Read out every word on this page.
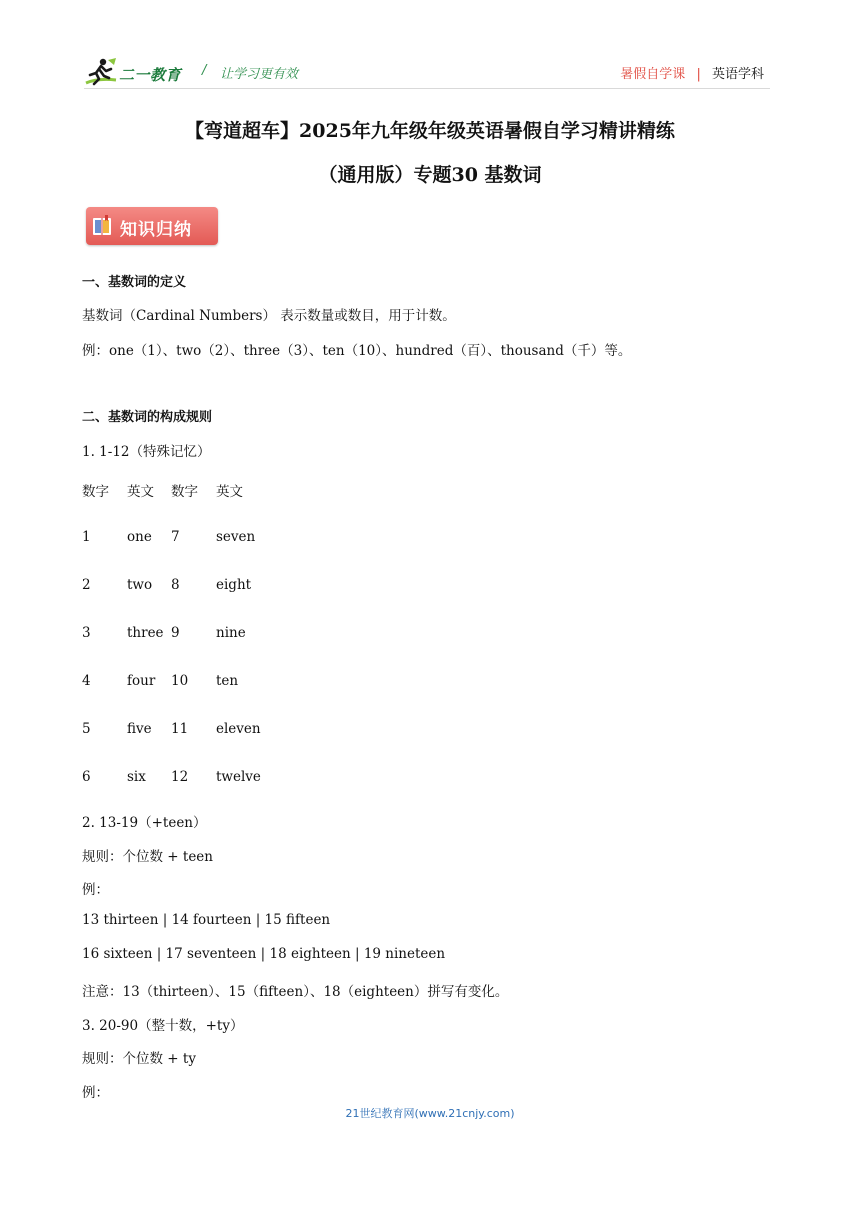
二一教育 / 让学习更有效	暑假自学课 | 英语学科
【弯道超车】2025年九年级年级英语暑假自学习精讲精练
（通用版）专题30 基数词
知识归纳
一、基数词的定义
基数词（Cardinal Numbers） 表示数量或数目，用于计数。
例：one（1）、two（2）、three（3）、ten（10）、hundred（百）、thousand（千）等。
二、基数词的构成规则
1. 1-12（特殊记忆）
数字 英文 数字 英文
1	one 7	seven
2	two 8	eight
3	three 9	nine
4	four 10 ten
5	five 11 eleven
6	six 12 twelve
2. 13-19（+teen）
规则：个位数 + teen
例：
13 thirteen | 14 fourteen | 15 fifteen
16 sixteen | 17 seventeen | 18 eighteen | 19 nineteen
注意：13（thirteen）、15（fifteen）、18（eighteen）拼写有变化。
3. 20-90（整十数，+ty）
规则：个位数 + ty
例：
21世纪教育网(www.21cnjy.com)
